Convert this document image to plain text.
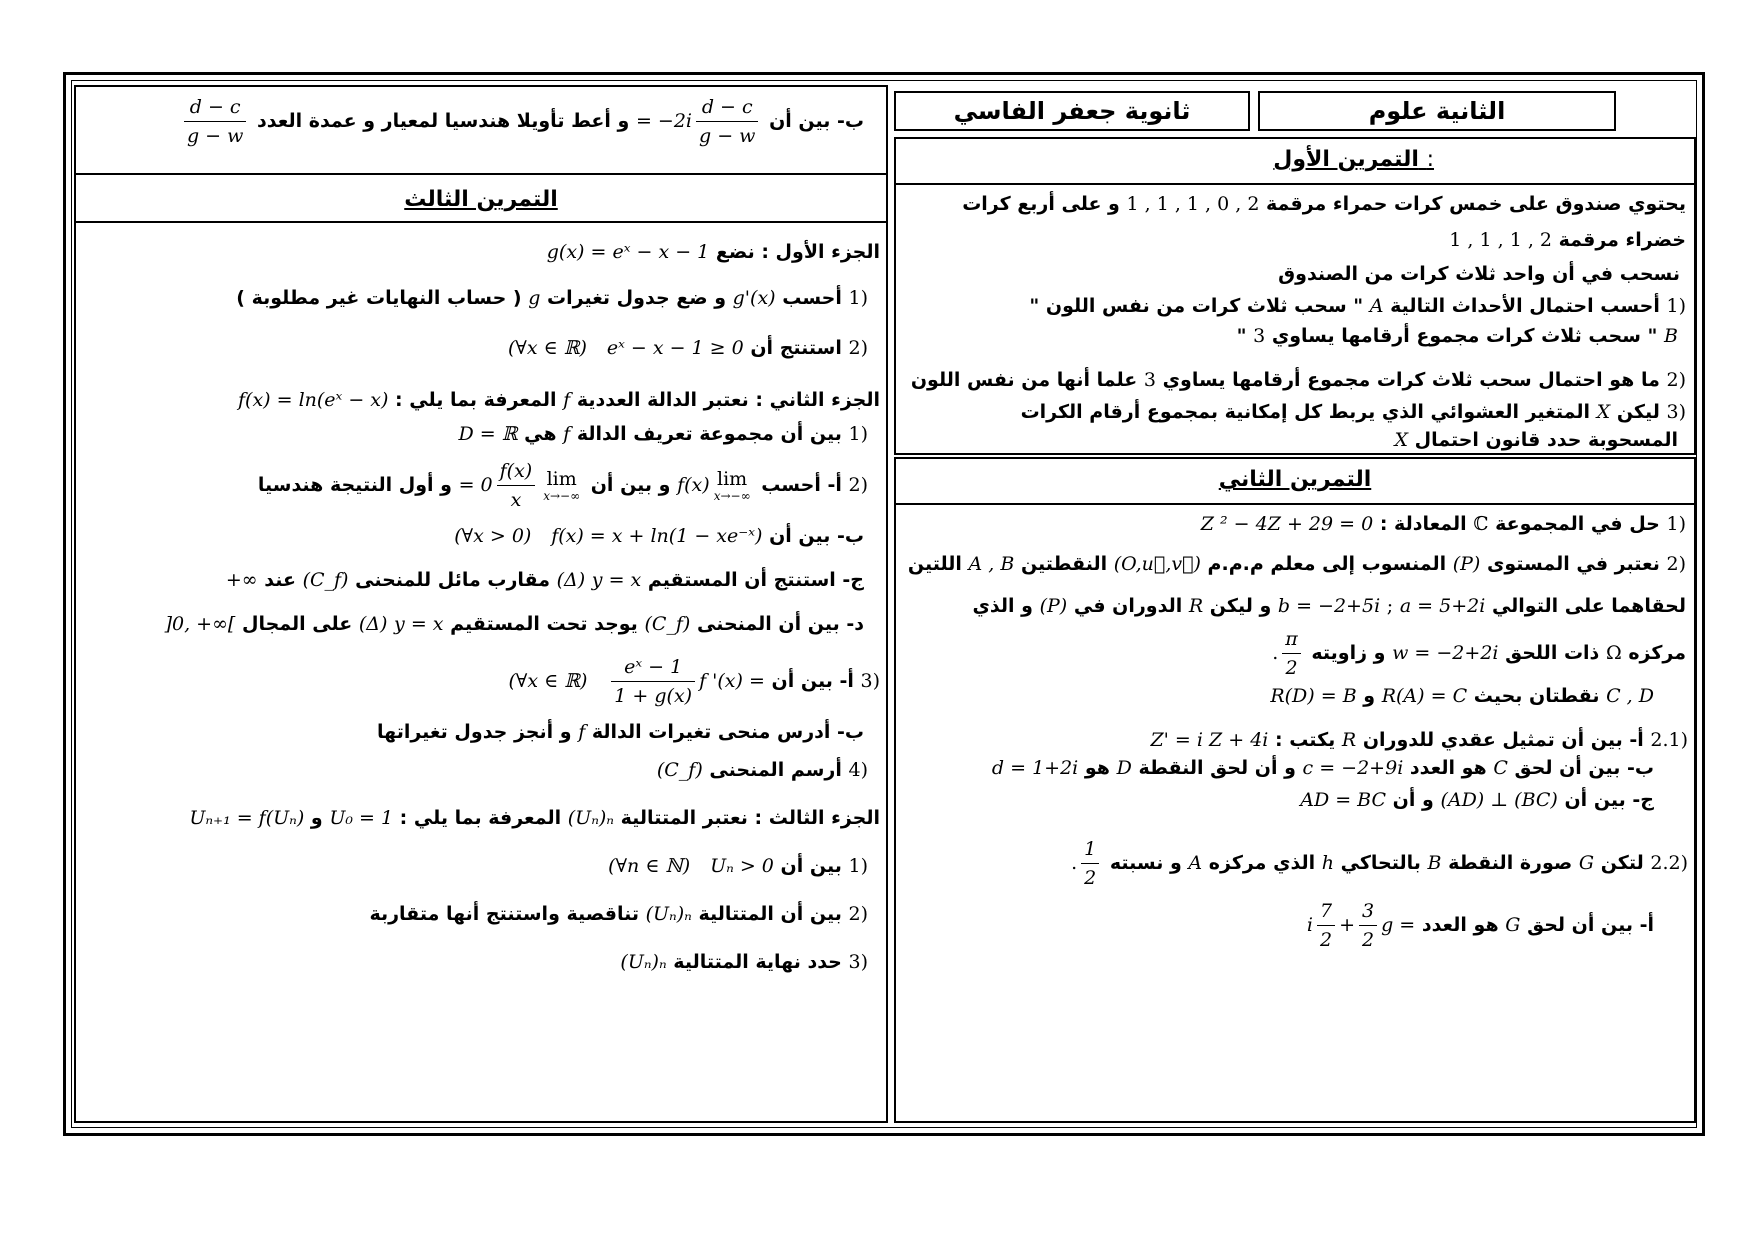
ب- بين أن
$\frac{d - c}{g - w}$
= −2i و أعط تأويلا هندسيا لمعيار و عمدة العدد
$\frac{d - c}{g - w}$
التمرين الثالث
الجزء الأول : نضع g(x) = eˣ − x − 1
1) أحسب g'(x) و ضع جدول تغيرات g ( حساب النهايات غير مطلوبة )
2) استنتج أن eˣ − x − 1 ≥ 0   (∀x ∈ ℝ)
الجزء الثاني : نعتبر الدالة العددية f المعرفة بما يلي : f(x) = ln(eˣ − x)
1) بين أن مجموعة تعريف الدالة f هي D = ℝ
2) أ- أحسب
lim
x→−∞
f(x) و بين أن
lim
x→−∞
$\frac{f(x)}{x}$
= 0 و أول النتيجة هندسيا
ب- بين أن f(x) = x + ln(1 − xe⁻ˣ)   (∀x > 0)
ج- استنتج أن المستقيم y = x (Δ) مقارب مائل للمنحنى (C_f) عند +∞
د- بين أن المنحنى (C_f) يوجد تحت المستقيم y = x (Δ) على المجال ]0, +∞[
3) أ- بين أن f '(x) =
$\frac{\text{eˣ − 1}}{1 + g(x)}$
(∀x ∈ ℝ)
ب- أدرس منحى تغيرات الدالة f و أنجز جدول تغيراتها
4) أرسم المنحنى (C_f)
الجزء الثالث : نعتبر المتتالية (Uₙ)ₙ المعرفة بما يلي : U₀ = 1 و Uₙ₊₁ = f(Uₙ)
1) بين أن Uₙ > 0   (∀n ∈ ℕ)
2) بين أن المتتالية (Uₙ)ₙ تناقصية واستنتج أنها متقاربة
3) حدد نهاية المتتالية (Uₙ)ₙ
ثانوية جعفر الفاسي	الثانية علوم
: التمرين الأول
يحتوي صندوق على خمس كرات حمراء مرقمة 1 , 1 , 1 , 0 , 2 و على أربع كرات
خضراء مرقمة 1 , 1 , 1 , 2
نسحب في أن واحد ثلاث كرات من الصندوق
1) أحسب احتمال الأحداث التالية A " سحب ثلاث كرات من نفس اللون "
B " سحب ثلاث كرات مجموع أرقامها يساوي 3 "
2) ما هو احتمال سحب ثلاث كرات مجموع أرقامها يساوي 3 علما أنها من نفس اللون
3) ليكن X المتغير العشوائي الذي يربط كل إمكانية بمجموع أرقام الكرات
المسحوبة حدد قانون احتمال X
التمرين الثاني
1) حل في المجموعة ℂ المعادلة : Z ² − 4Z + 29 = 0
2) نعتبر في المستوى (P) المنسوب إلى معلم م.م.م (O,u⃗,v⃗) النقطتين A , B اللتين
لحقاهما على التوالي a = 5+2i ; b = −2+5i و ليكن R الدوران في (P) و الذي
مركزه Ω ذات اللحق w = −2+2i و زاويته
$\frac{\pi}{2}$
.
C , D نقطتان بحيث R(A) = C و R(D) = B
2.1) أ- بين أن تمثيل عقدي للدوران R يكتب : Z' = i Z + 4i
ب- بين أن لحق C هو العدد c = −2+9i و أن لحق النقطة D هو d = 1+2i
ج- بين أن (AD) ⊥ (BC) و أن AD = BC
2.2) لتكن G صورة النقطة B بالتحاكي h الذي مركزه A و نسبته
$\frac{1}{2}$
.
أ- بين أن لحق G هو العدد g =
$\frac{3}{2}$
+
$\frac{7}{2}$
i
